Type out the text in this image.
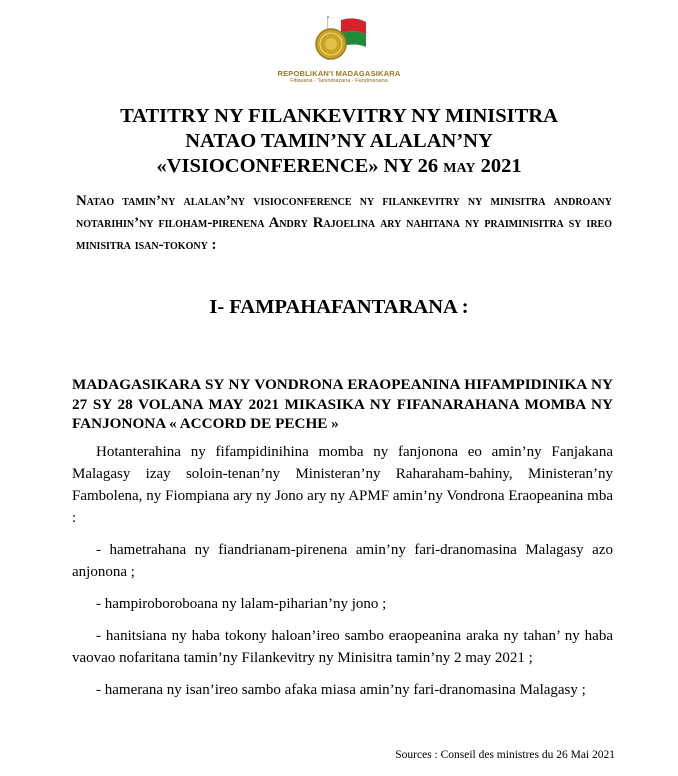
REPOBLIKAN'I MADAGASIKARA
Fitiavana - Tanindrazana - Fandrosoana
TATITRY NY FILANKEVITRY NY MINISITRA
NATAO TAMIN’NY ALALAN’NY
«VISIOCONFERENCE» NY 26 may 2021
Natao tamin’ny alalan’ny visioconference ny filankevitry ny minisitra androany notarihin’ny filoham-pirenena Andry Rajoelina ary nahitana ny praiminisitra sy ireo minisitra isan-tokony :
I- FAMPAHAFANTARANA :
MADAGASIKARA SY NY VONDRONA ERAOPEANINA HIFAMPIDINIKA NY 27 SY 28 VOLANA MAY 2021 MIKASIKA NY FIFANARAHANA MOMBA NY FANJONONA « ACCORD DE PECHE »

Hotanterahina ny fifampidinihina momba ny fanjonona eo amin’ny Fanjakana Malagasy izay soloin-tenan’ny Ministeran’ny Raharaham-bahiny, Ministeran’ny Fambolena, ny Fiompiana ary ny Jono ary ny APMF amin’ny Vondrona Eraopeanina mba :

- hametrahana ny fiandrianam-pirenena amin’ny fari-dranomasina Malagasy azo anjonona ;

- hampiroboroboana ny lalam-piharian’ny jono ;

- hanitsiana ny haba tokony haloan’ireo sambo eraopeanina araka ny tahan’ ny haba vaovao nofaritana tamin’ny Filankevitry ny Minisitra tamin’ny 2 may 2021 ;

- hamerana ny isan’ireo sambo afaka miasa amin’ny fari-dranomasina Malagasy ;

Sources : Conseil des ministres du 26 Mai 2021
